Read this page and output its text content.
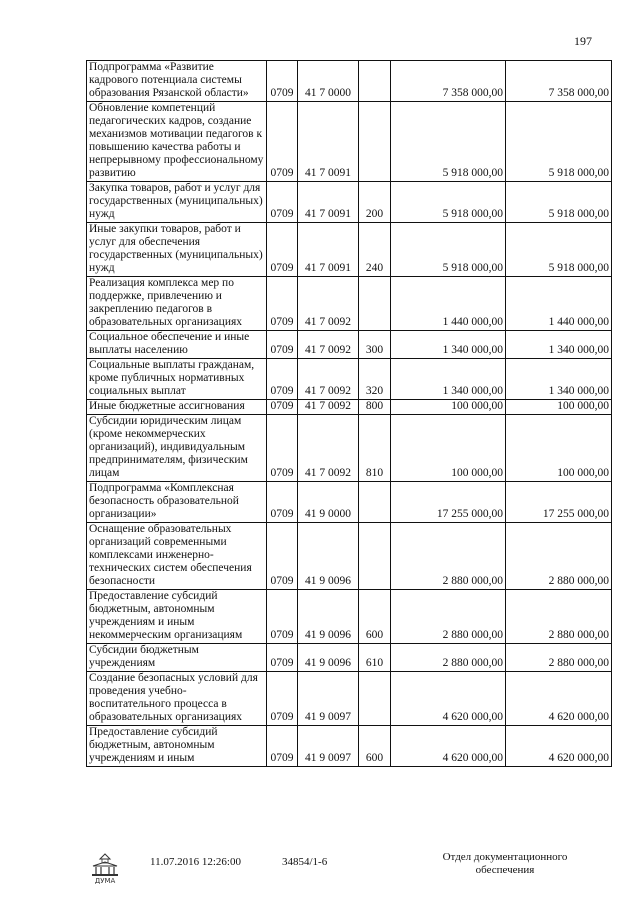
197
Подпрограмма «Развитие кадрового потенциала системы образования Рязанской области»	0709	41 7 0000		7 358 000,00	7 358 000,00
Обновление компетенций педагогических кадров, создание механизмов мотивации педагогов к повышению качества работы и непрерывному профессиональному развитию	0709	41 7 0091		5 918 000,00	5 918 000,00
Закупка товаров, работ и услуг для государственных (муниципальных) нужд	0709	41 7 0091	200	5 918 000,00	5 918 000,00
Иные закупки товаров, работ и услуг для обеспечения государственных (муниципальных) нужд	0709	41 7 0091	240	5 918 000,00	5 918 000,00
Реализация комплекса мер по поддержке, привлечению и закреплению педагогов в образовательных организациях	0709	41 7 0092		1 440 000,00	1 440 000,00
Социальное обеспечение и иные выплаты населению	0709	41 7 0092	300	1 340 000,00	1 340 000,00
Социальные выплаты гражданам, кроме публичных нормативных социальных выплат	0709	41 7 0092	320	1 340 000,00	1 340 000,00
Иные бюджетные ассигнования	0709	41 7 0092	800	100 000,00	100 000,00
Субсидии юридическим лицам (кроме некоммерческих организаций), индивидуальным предпринимателям, физическим лицам	0709	41 7 0092	810	100 000,00	100 000,00
Подпрограмма «Комплексная безопасность образовательной организации»	0709	41 9 0000		17 255 000,00	17 255 000,00
Оснащение образовательных организаций современными комплексами инженерно-технических систем обеспечения безопасности	0709	41 9 0096		2 880 000,00	2 880 000,00
Предоставление субсидий бюджетным, автономным учреждениям и иным некоммерческим организациям	0709	41 9 0096	600	2 880 000,00	2 880 000,00
Субсидии бюджетным учреждениям	0709	41 9 0096	610	2 880 000,00	2 880 000,00
Создание безопасных условий для проведения учебно-воспитательного процесса в образовательных организациях	0709	41 9 0097		4 620 000,00	4 620 000,00
Предоставление субсидий бюджетным, автономным учреждениям и иным	0709	41 9 0097	600	4 620 000,00	4 620 000,00
ДУМА
11.07.2016 12:26:00	34854/1-6	Отдел документационного
обеспечения
